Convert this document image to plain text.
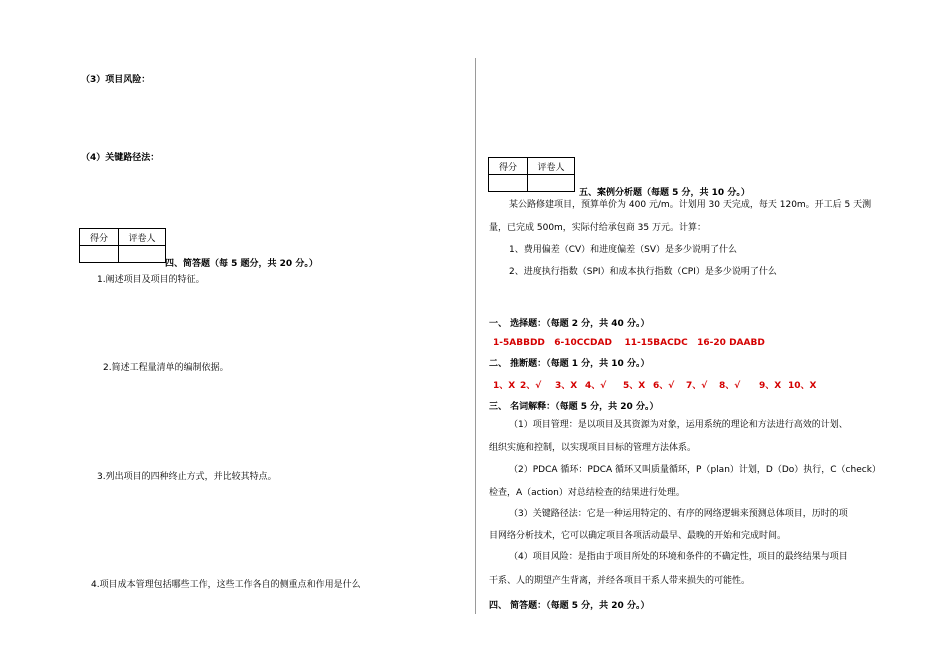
（3）项目风险：
（4）关键路径法：
得分	评卷人

四、简答题（每 5 题分，共 20 分。）
1.阐述项目及项目的特征。
2.简述工程量清单的编制依据。
3.列出项目的四种终止方式，并比较其特点。
4.项目成本管理包括哪些工作，这些工作各自的侧重点和作用是什么
得分	评卷人

五、案例分析题（每题 5 分，共 10 分。）
某公路修建项目，预算单价为 400 元/m。计划用 30 天完成，每天 120m。开工后 5 天测
量，已完成 500m，实际付给承包商 35 万元。计算：
1、费用偏差（CV）和进度偏差（SV）是多少说明了什么
2、进度执行指数（SPI）和成本执行指数（CPI）是多少说明了什么
一、 选择题：（每题 2 分，共 40 分。）
1-5ABBDD   6-10CCDAD    11-15BACDC   16-20 DAABD
二、 推断题：（每题 1 分，共 10 分。）
1、X 2、√ 3、X 4、√ 5、X 6、√ 7、√ 8、√ 9、X 10、X
三、 名词解释：（每题 5 分，共 20 分。）
（1）项目管理：是以项目及其资源为对象，运用系统的理论和方法进行高效的计划、
组织实施和控制，以实现项目目标的管理方法体系。
（2）PDCA 循环：PDCA 循环又叫质量循环，P（plan）计划，D（Do）执行，C（check）
检查，A（action）对总结检查的结果进行处理。
（3）关键路径法：它是一种运用特定的、有序的网络逻辑来预测总体项目，历时的项
目网络分析技术，它可以确定项目各项活动最早、最晚的开始和完成时间。
（4）项目风险：是指由于项目所处的环境和条件的不确定性，项目的最终结果与项目
干系、人的期望产生背离，并经各项目干系人带来损失的可能性。
四、 简答题：（每题 5 分，共 20 分。）
